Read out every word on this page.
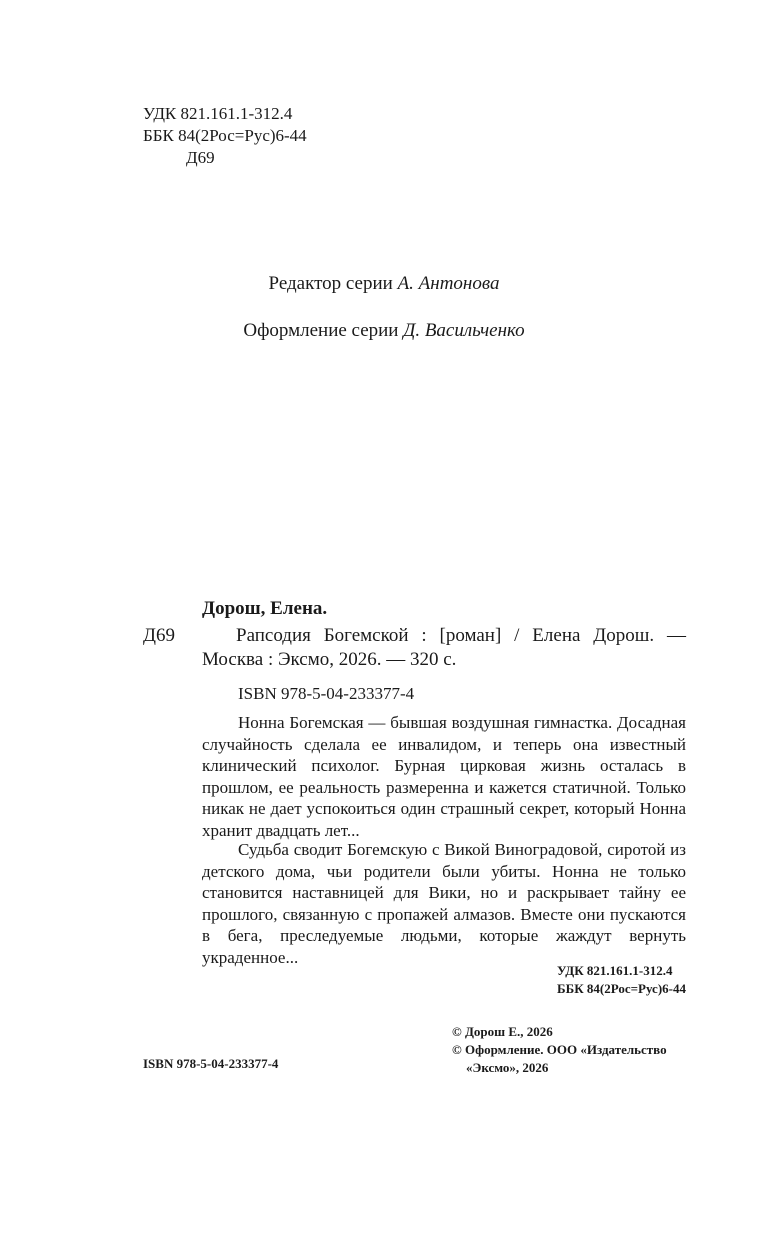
УДК 821.161.1-312.4
ББК 84(2Рос=Рус)6-44
Д69
Редактор серии А. Антонова
Оформление серии Д. Васильченко
Дорош, Елена.
Д69	Рапсодия Богемской : [роман] / Елена Дорош. — Москва : Эксмо, 2026. — 320 с.

ISBN 978-5-04-233377-4

Нонна Богемская — бывшая воздушная гимнастка. Досадная случайность сделала ее инвалидом, и теперь она известный клинический психолог. Бурная цирковая жизнь осталась в прошлом, ее реальность размеренна и кажется статичной. Только никак не дает успокоиться один страшный секрет, который Нонна хранит двадцать лет...

Судьба сводит Богемскую с Викой Виноградовой, сиротой из детского дома, чьи родители были убиты. Нонна не только становится наставницей для Вики, но и раскрывает тайну ее прошлого, связанную с пропажей алмазов. Вместе они пускаются в бега, преследуемые людьми, которые жаждут вернуть украденное...

УДК 821.161.1-312.4
ББК 84(2Рос=Рус)6-44
© Дорош Е., 2026
© Оформление. ООО «Издательство
«Эксмо», 2026
ISBN 978-5-04-233377-4
